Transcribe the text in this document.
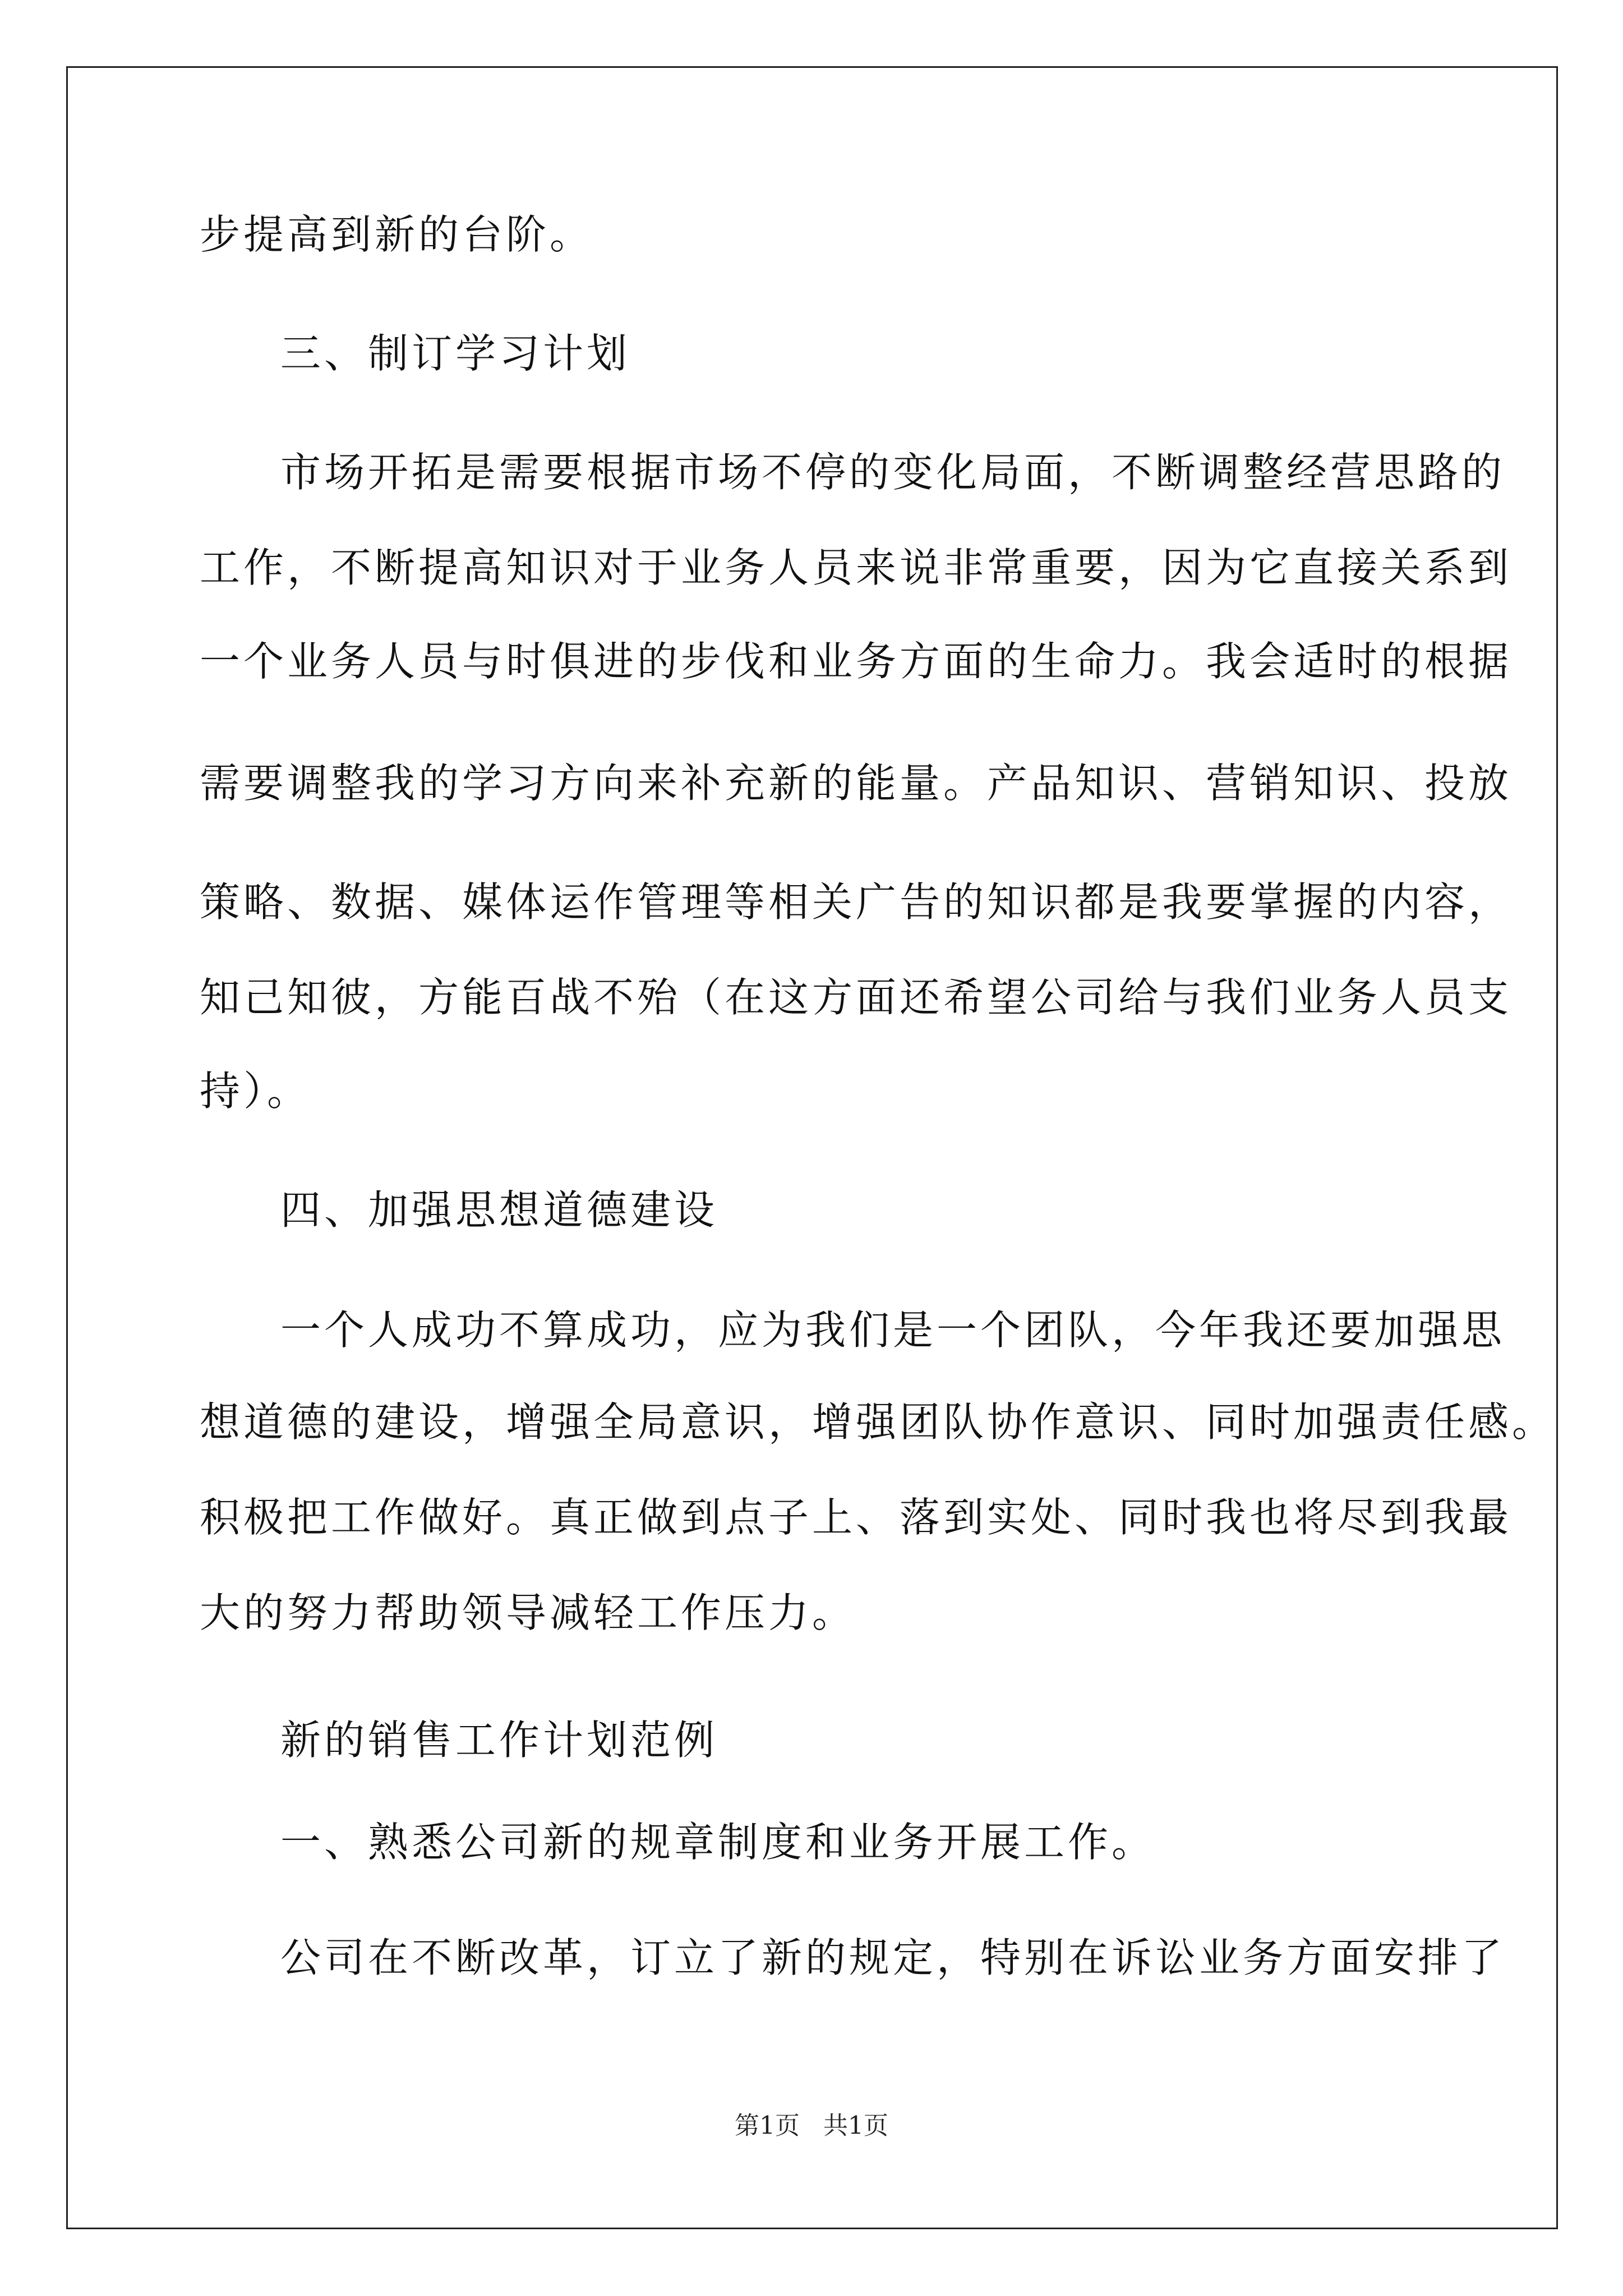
步提高到新的台阶。
三、制订学习计划
市场开拓是需要根据市场不停的变化局面，不断调整经营思路的
工作，不断提高知识对于业务人员来说非常重要，因为它直接关系到
一个业务人员与时俱进的步伐和业务方面的生命力。我会适时的根据
需要调整我的学习方向来补充新的能量。产品知识、营销知识、投放
策略、数据、媒体运作管理等相关广告的知识都是我要掌握的内容，
知己知彼，方能百战不殆（在这方面还希望公司给与我们业务人员支
持）。
四、加强思想道德建设
一个人成功不算成功，应为我们是一个团队，今年我还要加强思
想道德的建设，增强全局意识，增强团队协作意识、同时加强责任感。
积极把工作做好。真正做到点子上、落到实处、同时我也将尽到我最
大的努力帮助领导减轻工作压力。
新的销售工作计划范例
一、熟悉公司新的规章制度和业务开展工作。
公司在不断改革，订立了新的规定，特别在诉讼业务方面安排了
第1页   共1页
